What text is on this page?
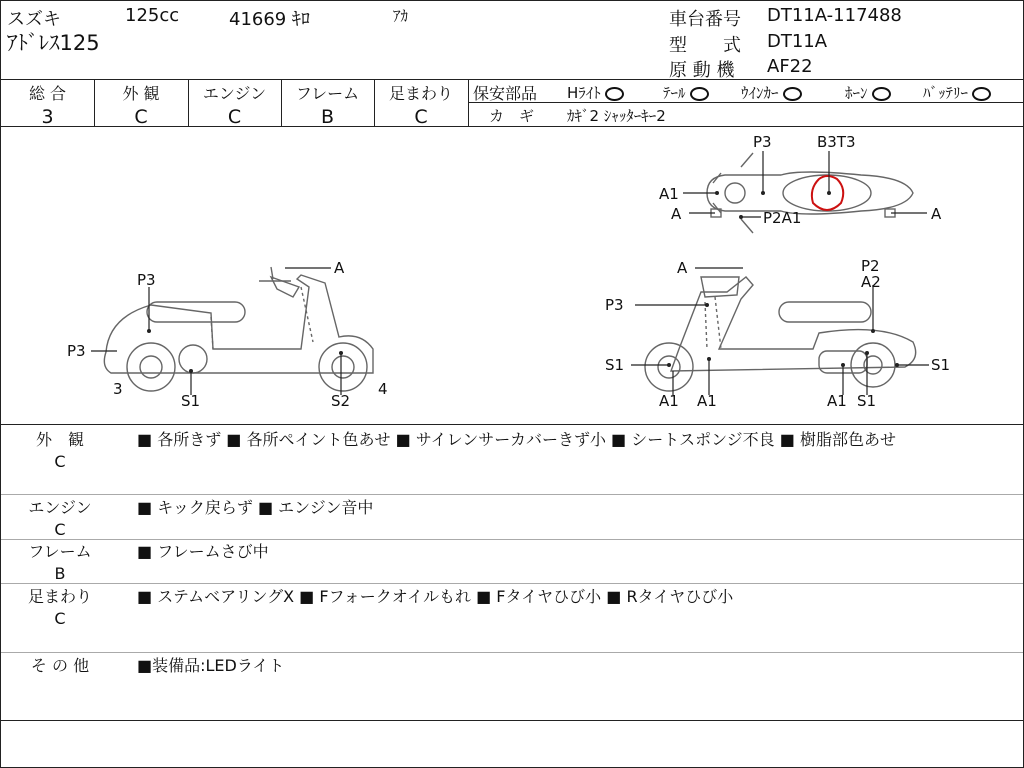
スズキ	125cc	41669 ｷﾛ	ｱｶ
ｱﾄﾞﾚｽ125
車台番号 DT11A-117488
型　　式 DT11A
原 動 機 AF22
総 合
3
外 観
C
エンジン
C
フレーム
B
足まわり
C
保安部品 Hﾗｲﾄ	ﾃｰﾙ	ｳｲﾝｶｰ	ﾎｰﾝ	ﾊﾞｯﾃﾘｰ
カ　ギ ｶｷﾞ2 ｼｬｯﾀｰｷｰ2
A
P3
P3
3
S1	S2
4
A	P2
A2
P3
S1	S1
A1 A1	A1 S1
P3	B3T3
A1
A	P2A1	A
外　観
C
■ 各所きず ■ 各所ペイント色あせ ■ サイレンサーカバーきず小 ■ シートスポンジ不良 ■ 樹脂部色あせ
エンジン
C
■ キック戻らず ■ エンジン音中
フレーム
B
■ フレームさび中
足まわり
C
■ ステムベアリングX ■ Fフォークオイルもれ ■ Fタイヤひび小 ■ Rタイヤひび小
そ の 他	■装備品:LEDライト
